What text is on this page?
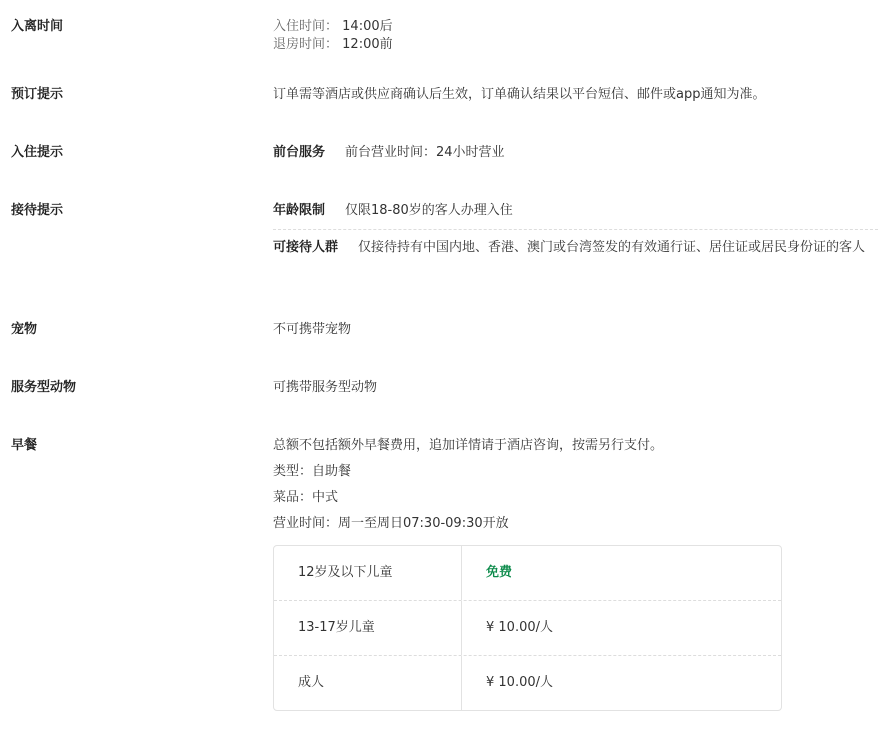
入离时间	入住时间： 14:00后
退房时间： 12:00前
预订提示	订单需等酒店或供应商确认后生效，订单确认结果以平台短信、邮件或app通知为准。
入住提示	前台服务 前台营业时间：24小时营业
接待提示	年龄限制 仅限18-80岁的客人办理入住
可接待人群 仅接待持有中国内地、香港、澳门或台湾签发的有效通行证、居住证或居民身份证的客人
宠物	不可携带宠物
服务型动物	可携带服务型动物
早餐	总额不包括额外早餐费用，追加详情请于酒店咨询，按需另行支付。
类型：自助餐
菜品：中式
营业时间：周一至周日07:30-09:30开放
12岁及以下儿童	免费
13-17岁儿童	¥ 10.00/人
成人	¥ 10.00/人
